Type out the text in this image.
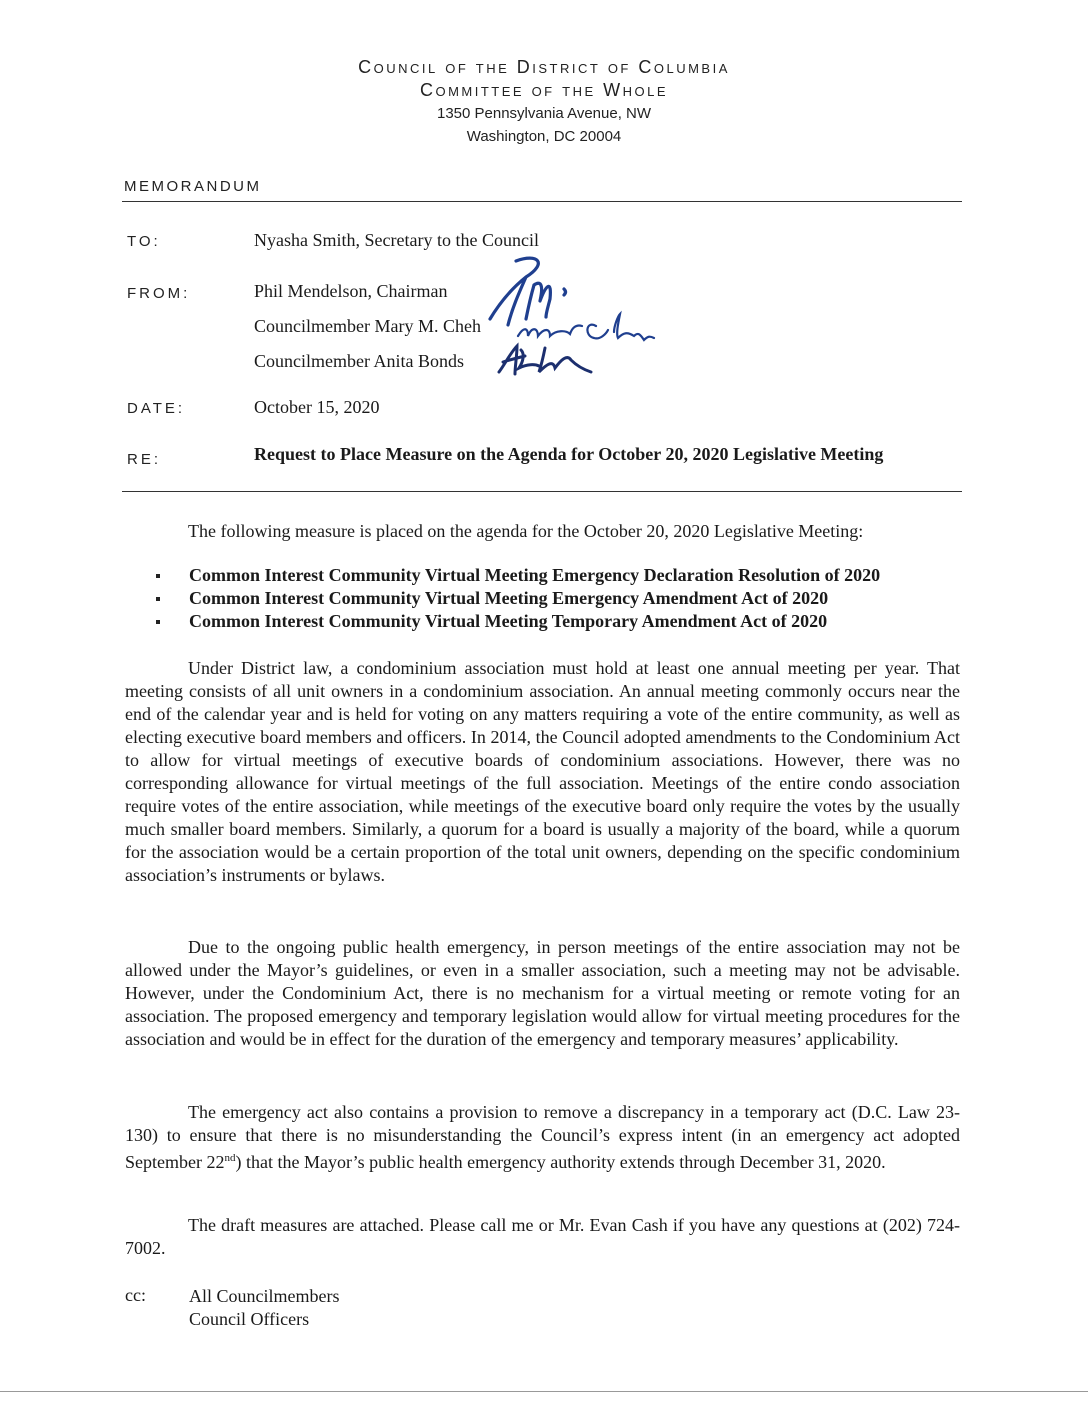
Council of the District of Columbia
Committee of the Whole
1350 Pennsylvania Avenue, NW
Washington, DC 20004
MEMORANDUM
TO:	Nyasha Smith, Secretary to the Council
FROM:	Phil Mendelson, Chairman
Councilmember Mary M. Cheh
Councilmember Anita Bonds
DATE:	October 15, 2020
RE:	Request to Place Measure on the Agenda for October 20, 2020 Legislative Meeting

The following measure is placed on the agenda for the October 20, 2020 Legislative Meeting:

Common Interest Community Virtual Meeting Emergency Declaration Resolution of 2020
Common Interest Community Virtual Meeting Emergency Amendment Act of 2020
Common Interest Community Virtual Meeting Temporary Amendment Act of 2020

Under District law, a condominium association must hold at least one annual meeting per year. That meeting consists of all unit owners in a condominium association. An annual meeting commonly occurs near the end of the calendar year and is held for voting on any matters requiring a vote of the entire community, as well as electing executive board members and officers. In 2014, the Council adopted amendments to the Condominium Act to allow for virtual meetings of executive boards of condominium associations. However, there was no corresponding allowance for virtual meetings of the full association. Meetings of the entire condo association require votes of the entire association, while meetings of the executive board only require the votes by the usually much smaller board members. Similarly, a quorum for a board is usually a majority of the board, while a quorum for the association would be a certain proportion of the total unit owners, depending on the specific condominium association’s instruments or bylaws.

Due to the ongoing public health emergency, in person meetings of the entire association may not be allowed under the Mayor’s guidelines, or even in a smaller association, such a meeting may not be advisable. However, under the Condominium Act, there is no mechanism for a virtual meeting or remote voting for an association. The proposed emergency and temporary legislation would allow for virtual meeting procedures for the association and would be in effect for the duration of the emergency and temporary measures’ applicability.

The emergency act also contains a provision to remove a discrepancy in a temporary act (D.C. Law 23-130) to ensure that there is no misunderstanding the Council’s express intent (in an emergency act adopted September 22nd) that the Mayor’s public health emergency authority extends through December 31, 2020.

The draft measures are attached. Please call me or Mr. Evan Cash if you have any questions at (202) 724-7002.

cc: All Councilmembers
Council Officers
